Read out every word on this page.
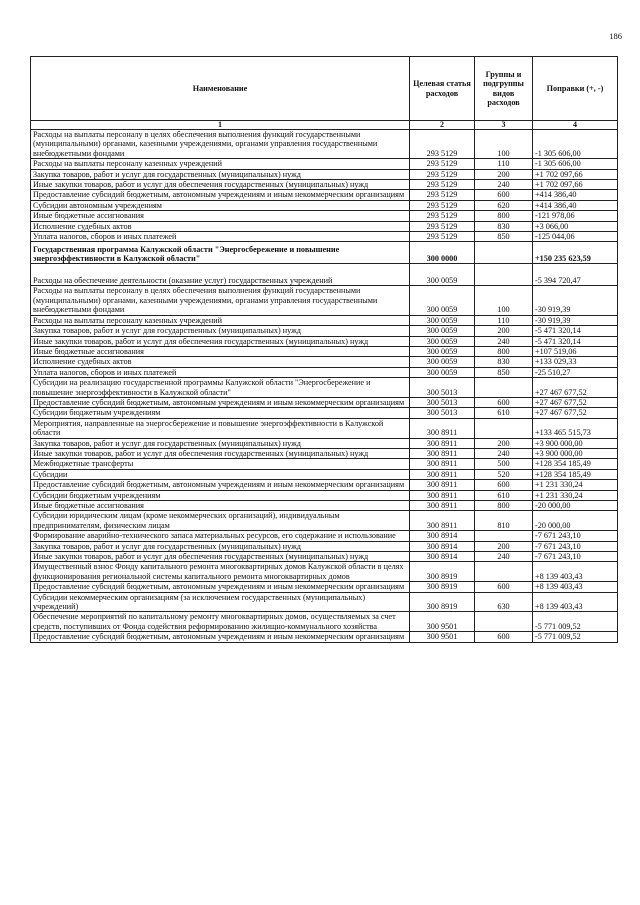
186
Наименование	Целевая статья расходов	Группы и подгруппы видов расходов	Поправки (+, -)
1	2	3	4
Расходы на выплаты персоналу в целях обеспечения выполнения функций государственными (муниципальными) органами, казенными учреждениями, органами управления государственными внебюджетными фондами	293 5129	100	-1 305 606,00
Расходы на выплаты персоналу казенных учреждений	293 5129	110	-1 305 606,00
Закупка товаров, работ и услуг для государственных (муниципальных) нужд	293 5129	200	+1 702 097,66
Иные закупки товаров, работ и услуг для обеспечения государственных (муниципальных) нужд	293 5129	240	+1 702 097,66
Предоставление субсидий бюджетным, автономным учреждениям и иным некоммерческим организациям	293 5129	600	+414 386,40
Субсидии автономным учреждениям	293 5129	620	+414 386,40
Иные бюджетные ассигнования	293 5129	800	-121 978,06
Исполнение судебных актов	293 5129	830	+3 066,00
Уплата налогов, сборов и иных платежей	293 5129	850	-125 044,06
Государственная программа Калужской области "Энергосбережение и повышение энергоэффективности в Калужской области"	300 0000		+150 235 623,59
Расходы на обеспечение деятельности (оказание услуг) государственных учреждений	300 0059		-5 394 720,47
Расходы на выплаты персоналу в целях обеспечения выполнения функций государственными (муниципальными) органами, казенными учреждениями, органами управления государственными внебюджетными фондами	300 0059	100	-30 919,39
Расходы на выплаты персоналу казенных учреждений	300 0059	110	-30 919,39
Закупка товаров, работ и услуг для государственных (муниципальных) нужд	300 0059	200	-5 471 320,14
Иные закупки товаров, работ и услуг для обеспечения государственных (муниципальных) нужд	300 0059	240	-5 471 320,14
Иные бюджетные ассигнования	300 0059	800	+107 519,06
Исполнение судебных актов	300 0059	830	+133 029,33
Уплата налогов, сборов и иных платежей	300 0059	850	-25 510,27
Субсидии на реализацию государственной программы Калужской области "Энергосбережение и повышение энергоэффективности в Калужской области"	300 5013		+27 467 677,52
Предоставление субсидий бюджетным, автономным учреждениям и иным некоммерческим организациям	300 5013	600	+27 467 677,52
Субсидии бюджетным учреждениям	300 5013	610	+27 467 677,52
Мероприятия, направленные на энергосбережение и повышение энергоэффективности в Калужской области	300 8911		+133 465 515,73
Закупка товаров, работ и услуг для государственных (муниципальных) нужд	300 8911	200	+3 900 000,00
Иные закупки товаров, работ и услуг для обеспечения государственных (муниципальных) нужд	300 8911	240	+3 900 000,00
Межбюджетные трансферты	300 8911	500	+128 354 185,49
Субсидии	300 8911	520	+128 354 185,49
Предоставление субсидий бюджетным, автономным учреждениям и иным некоммерческим организациям	300 8911	600	+1 231 330,24
Субсидии бюджетным учреждениям	300 8911	610	+1 231 330,24
Иные бюджетные ассигнования	300 8911	800	-20 000,00
Субсидии юридическим лицам (кроме некоммерческих организаций), индивидуальным предпринимателям, физическим лицам	300 8911	810	-20 000,00
Формирование аварийно-технического запаса материальных ресурсов, его содержание и использование	300 8914		-7 671 243,10
Закупка товаров, работ и услуг для государственных (муниципальных) нужд	300 8914	200	-7 671 243,10
Иные закупки товаров, работ и услуг для обеспечения государственных (муниципальных) нужд	300 8914	240	-7 671 243,10
Имущественный взнос Фонду капитального ремонта многоквартирных домов Калужской области в целях функционирования региональной системы капитального ремонта многоквартирных домов	300 8919		+8 139 403,43
Предоставление субсидий бюджетным, автономным учреждениям и иным некоммерческим организациям	300 8919	600	+8 139 403,43
Субсидии некоммерческим организациям (за исключением государственных (муниципальных) учреждений)	300 8919	630	+8 139 403,43
Обеспечение мероприятий по капитальному ремонту многоквартирных домов, осуществляемых за счет средств, поступивших от Фонда содействия реформированию жилищно-коммунального хозяйства	300 9501		-5 771 009,52
Предоставление субсидий бюджетным, автономным учреждениям и иным некоммерческим организациям	300 9501	600	-5 771 009,52
